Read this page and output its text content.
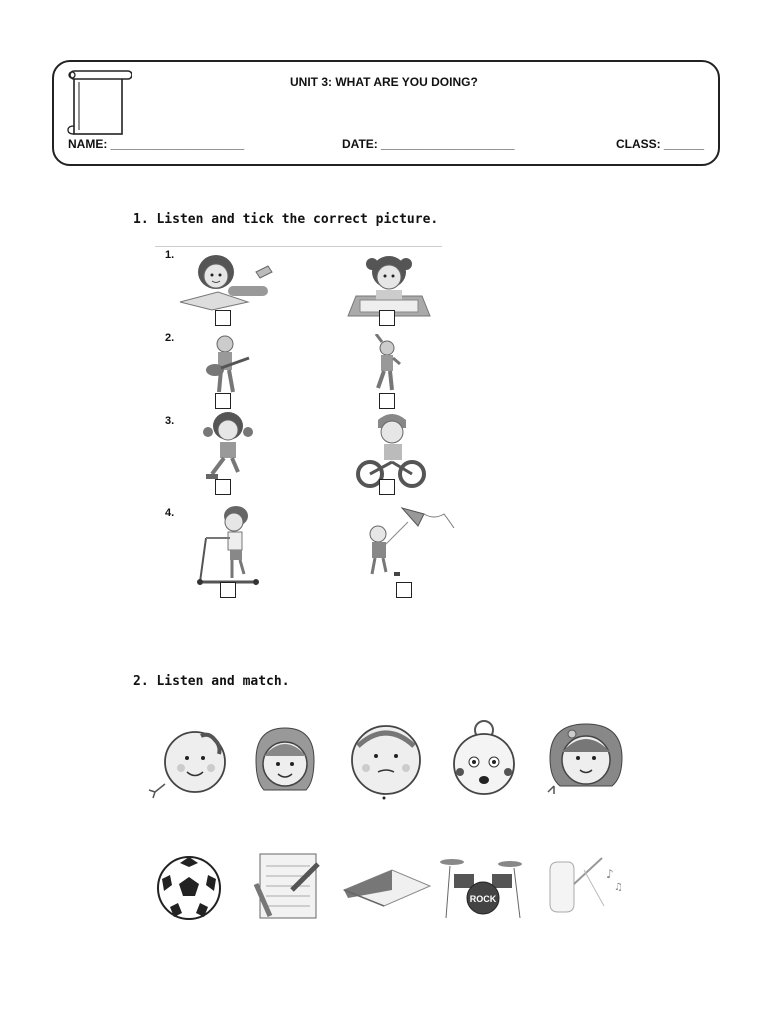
UNIT 3: WHAT ARE YOU DOING?
NAME: ____________________	DATE: ____________________	CLASS: ______
1. Listen and tick the correct picture.
1.
2.
3.
4.
2. Listen and match.
ROCK
♪
♫
